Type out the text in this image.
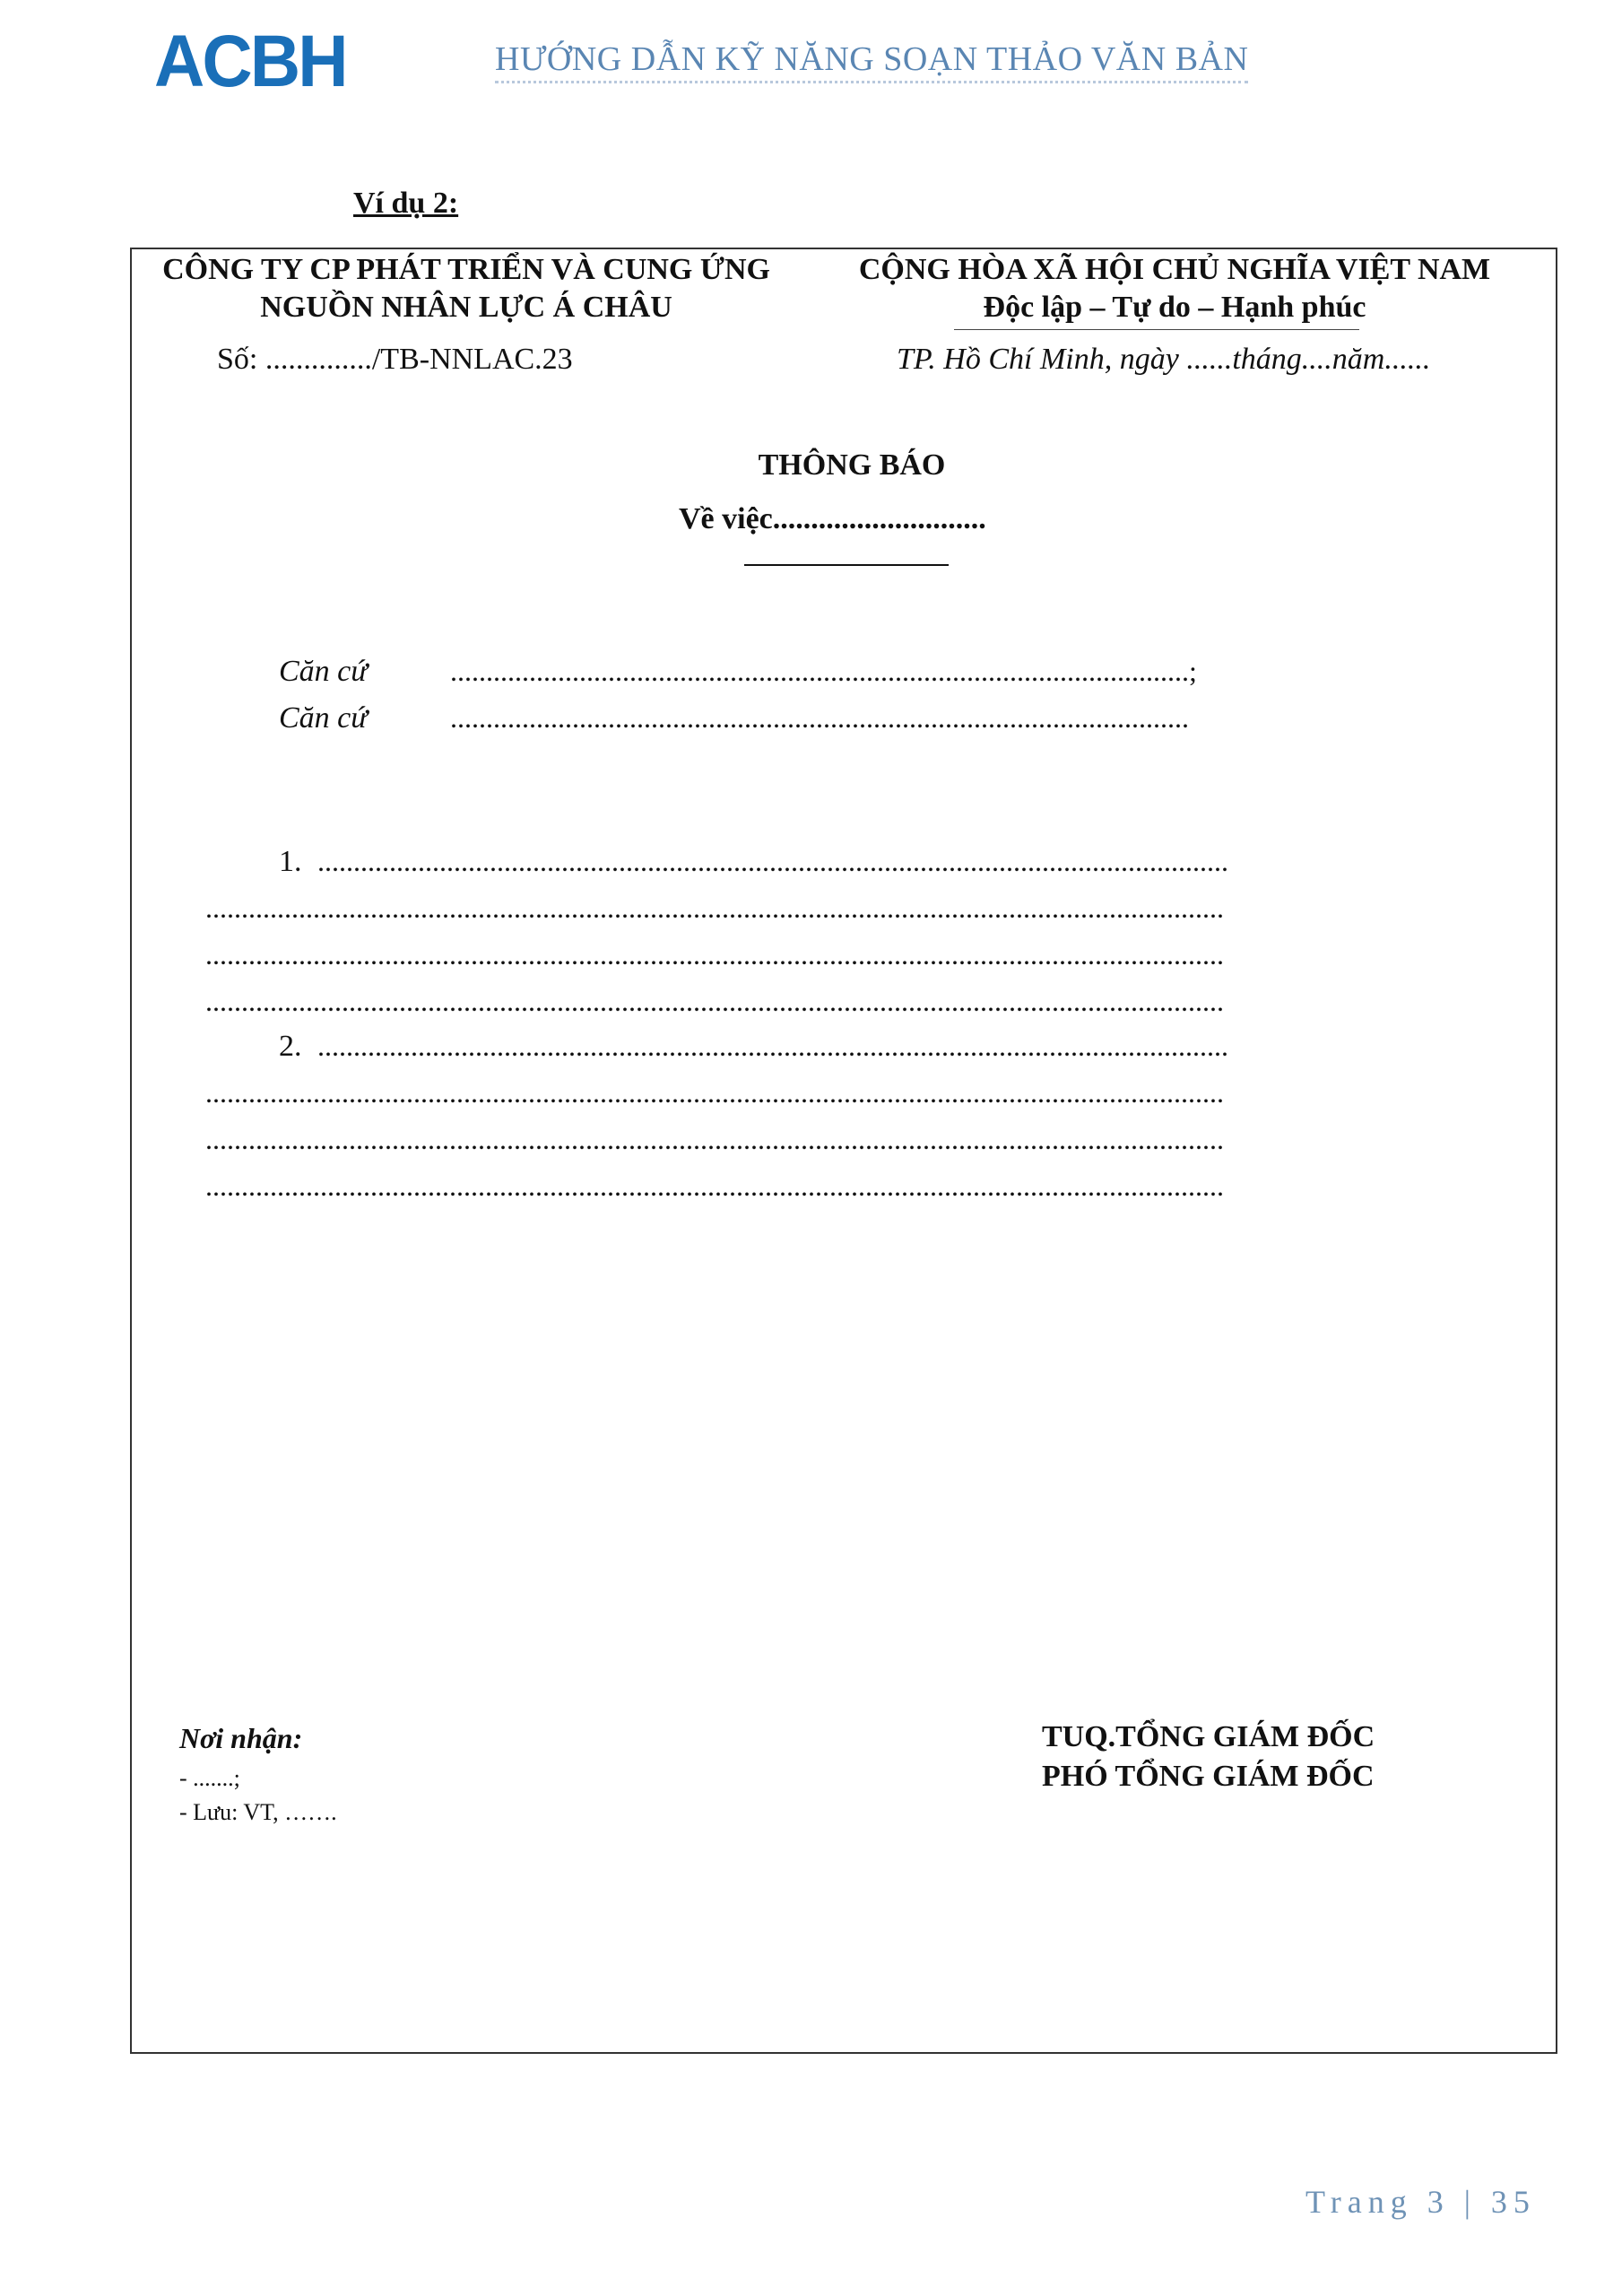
ACBH	HƯỚNG DẪN KỸ NĂNG SOẠN THẢO VĂN BẢN
Ví dụ 2:
CÔNG TY CP PHÁT TRIỂN VÀ CUNG ỨNG
NGUỒN NHÂN LỰC Á CHÂU
Số: ............../TB-NNLAC.23
CỘNG HÒA XÃ HỘI CHỦ NGHĨA VIỆT NAM
Độc lập – Tự do – Hạnh phúc
TP. Hồ Chí Minh, ngày ......tháng....năm......
THÔNG BÁO
Về việc............................
Căn cứ	.......................................................................................................;
Căn cứ	.......................................................................................................
1. ...............................................................................................................................
..............................................................................................................................................
..............................................................................................................................................
..............................................................................................................................................
2. ...............................................................................................................................
..............................................................................................................................................
..............................................................................................................................................
..............................................................................................................................................
Nơi nhận:
- .......;
- Lưu: VT, …….
TUQ.TỔNG GIÁM ĐỐC
PHÓ TỔNG GIÁM ĐỐC
Trang 3 | 35
